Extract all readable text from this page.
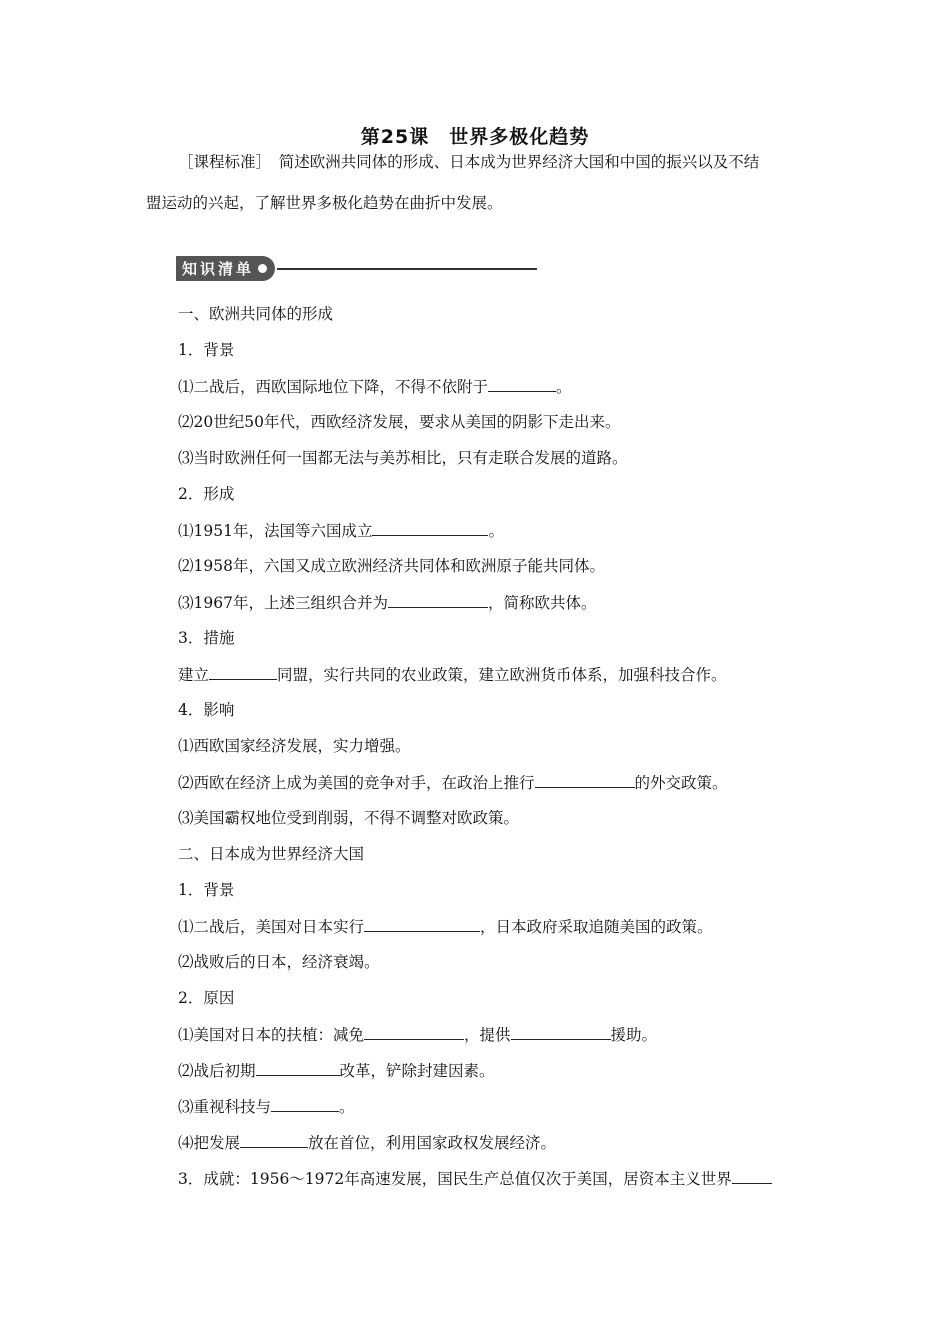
第25课　世界多极化趋势
［课程标准］　简述欧洲共同体的形成、日本成为世界经济大国和中国的振兴以及不结
盟运动的兴起，了解世界多极化趋势在曲折中发展。
知识清单
一、欧洲共同体的形成
1．背景
⑴二战后，西欧国际地位下降，不得不依附于	。
⑵20世纪50年代，西欧经济发展，要求从美国的阴影下走出来。
⑶当时欧洲任何一国都无法与美苏相比，只有走联合发展的道路。
2．形成
⑴1951年，法国等六国成立	。
⑵1958年，六国又成立欧洲经济共同体和欧洲原子能共同体。
⑶1967年，上述三组织合并为	，简称欧共体。
3．措施
建立	同盟，实行共同的农业政策，建立欧洲货币体系，加强科技合作。
4．影响
⑴西欧国家经济发展，实力增强。
⑵西欧在经济上成为美国的竞争对手，在政治上推行	的外交政策。
⑶美国霸权地位受到削弱，不得不调整对欧政策。
二、日本成为世界经济大国
1．背景
⑴二战后，美国对日本实行	，日本政府采取追随美国的政策。
⑵战败后的日本，经济衰竭。
2．原因
⑴美国对日本的扶植：减免	，提供	援助。
⑵战后初期	改革，铲除封建因素。
⑶重视科技与	。
⑷把发展	放在首位，利用国家政权发展经济。
3．成就：1956～1972年高速发展，国民生产总值仅次于美国，居资本主义世界
